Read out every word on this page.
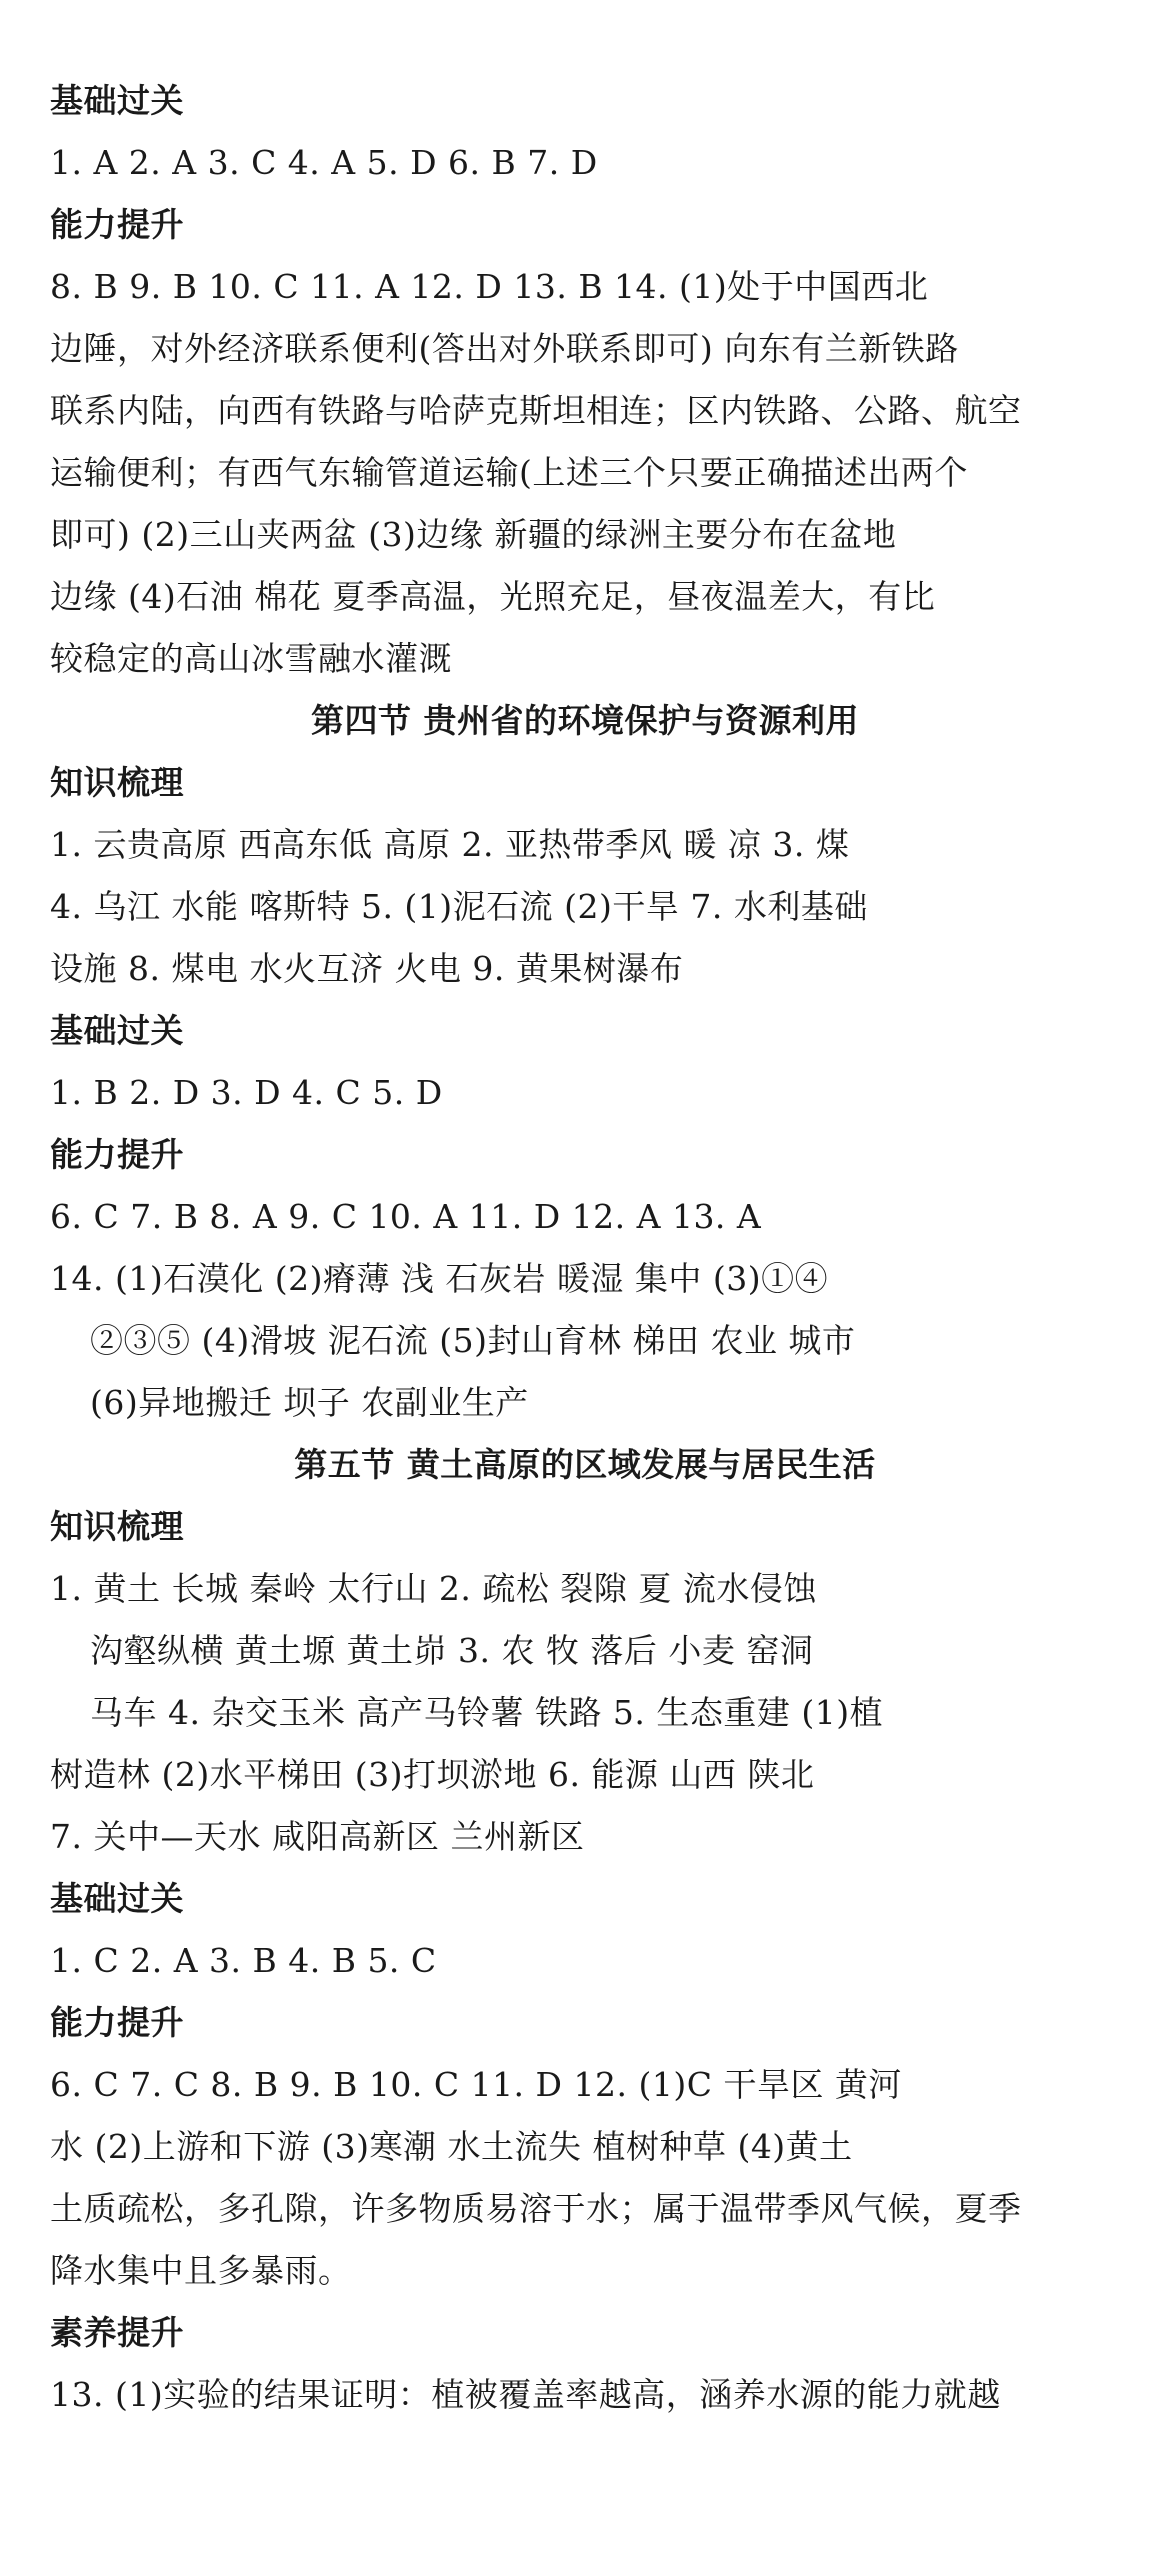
基础过关
1. A 2. A 3. C 4. A 5. D 6. B 7. D
能力提升
8. B 9. B 10. C 11. A 12. D 13. B 14. (1)处于中国西北
边陲，对外经济联系便利(答出对外联系即可) 向东有兰新铁路
联系内陆，向西有铁路与哈萨克斯坦相连；区内铁路、公路、航空
运输便利；有西气东输管道运输(上述三个只要正确描述出两个
即可) (2)三山夹两盆 (3)边缘 新疆的绿洲主要分布在盆地
边缘 (4)石油 棉花 夏季高温，光照充足，昼夜温差大，有比
较稳定的高山冰雪融水灌溉
第四节 贵州省的环境保护与资源利用
知识梳理
1. 云贵高原 西高东低 高原 2. 亚热带季风 暖 凉 3. 煤
4. 乌江 水能 喀斯特 5. (1)泥石流 (2)干旱 7. 水利基础
设施 8. 煤电 水火互济 火电 9. 黄果树瀑布
基础过关
1. B 2. D 3. D 4. C 5. D
能力提升
6. C 7. B 8. A 9. C 10. A 11. D 12. A 13. A
14. (1)石漠化 (2)瘠薄 浅 石灰岩 暖湿 集中 (3)①④
②③⑤ (4)滑坡 泥石流 (5)封山育林 梯田 农业 城市
(6)异地搬迁 坝子 农副业生产
第五节 黄土高原的区域发展与居民生活
知识梳理
1. 黄土 长城 秦岭 太行山 2. 疏松 裂隙 夏 流水侵蚀
沟壑纵横 黄土塬 黄土峁 3. 农 牧 落后 小麦 窑洞
马车 4. 杂交玉米 高产马铃薯 铁路 5. 生态重建 (1)植
树造林 (2)水平梯田 (3)打坝淤地 6. 能源 山西 陕北
7. 关中—天水 咸阳高新区 兰州新区
基础过关
1. C 2. A 3. B 4. B 5. C
能力提升
6. C 7. C 8. B 9. B 10. C 11. D 12. (1)C 干旱区 黄河
水 (2)上游和下游 (3)寒潮 水土流失 植树种草 (4)黄土
土质疏松，多孔隙，许多物质易溶于水；属于温带季风气候，夏季
降水集中且多暴雨。
素养提升
13. (1)实验的结果证明：植被覆盖率越高，涵养水源的能力就越
